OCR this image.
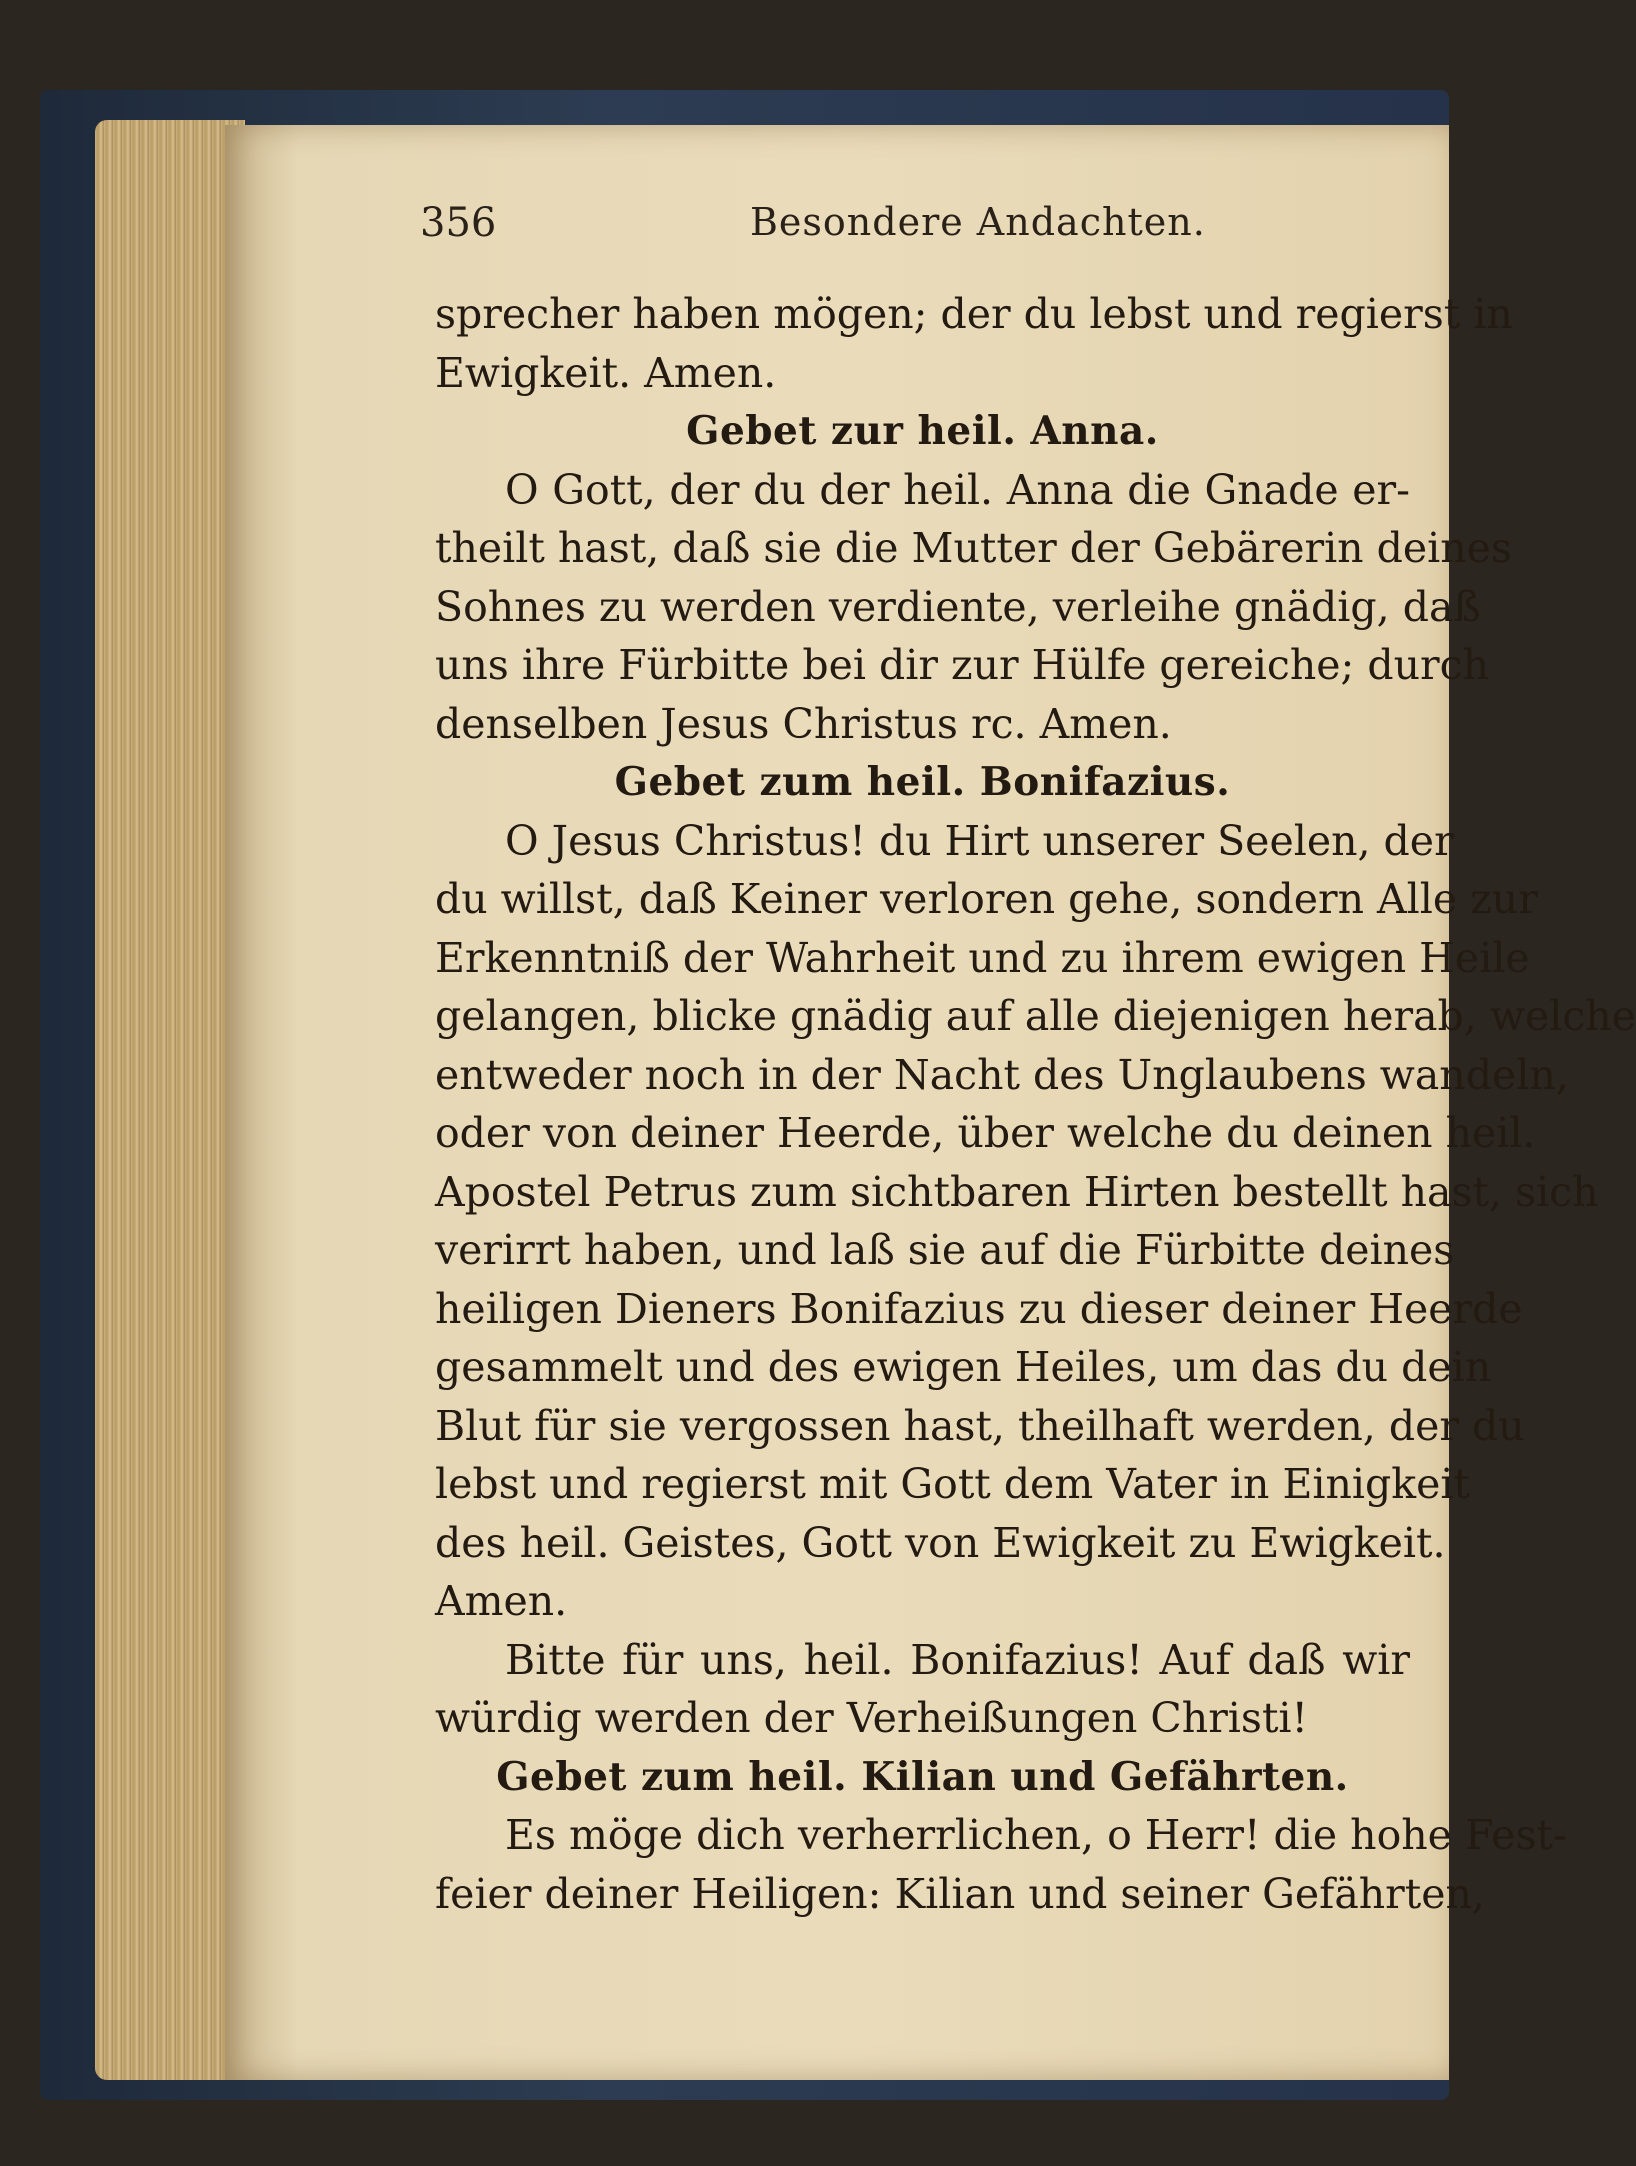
356	Besondere Andachten.
sprecher haben mögen; der du lebst und regierst in
Ewigkeit. Amen.
Gebet zur heil. Anna.
O Gott, der du der heil. Anna die Gnade er-
theilt hast, daß sie die Mutter der Gebärerin deines
Sohnes zu werden verdiente, verleihe gnädig, daß
uns ihre Fürbitte bei dir zur Hülfe gereiche; durch
denselben Jesus Christus rc. Amen.
Gebet zum heil. Bonifazius.
O Jesus Christus! du Hirt unserer Seelen, der
du willst, daß Keiner verloren gehe, sondern Alle zur
Erkenntniß der Wahrheit und zu ihrem ewigen Heile
gelangen, blicke gnädig auf alle diejenigen herab, welche
entweder noch in der Nacht des Unglaubens wandeln,
oder von deiner Heerde, über welche du deinen heil.
Apostel Petrus zum sichtbaren Hirten bestellt hast, sich
verirrt haben, und laß sie auf die Fürbitte deines
heiligen Dieners Bonifazius zu dieser deiner Heerde
gesammelt und des ewigen Heiles, um das du dein
Blut für sie vergossen hast, theilhaft werden, der du
lebst und regierst mit Gott dem Vater in Einigkeit
des heil. Geistes, Gott von Ewigkeit zu Ewigkeit.
Amen.
Bitte für uns, heil. Bonifazius! Auf daß wir
würdig werden der Verheißungen Christi!
Gebet zum heil. Kilian und Gefährten.
Es möge dich verherrlichen, o Herr! die hohe Fest-
feier deiner Heiligen: Kilian und seiner Gefährten,
